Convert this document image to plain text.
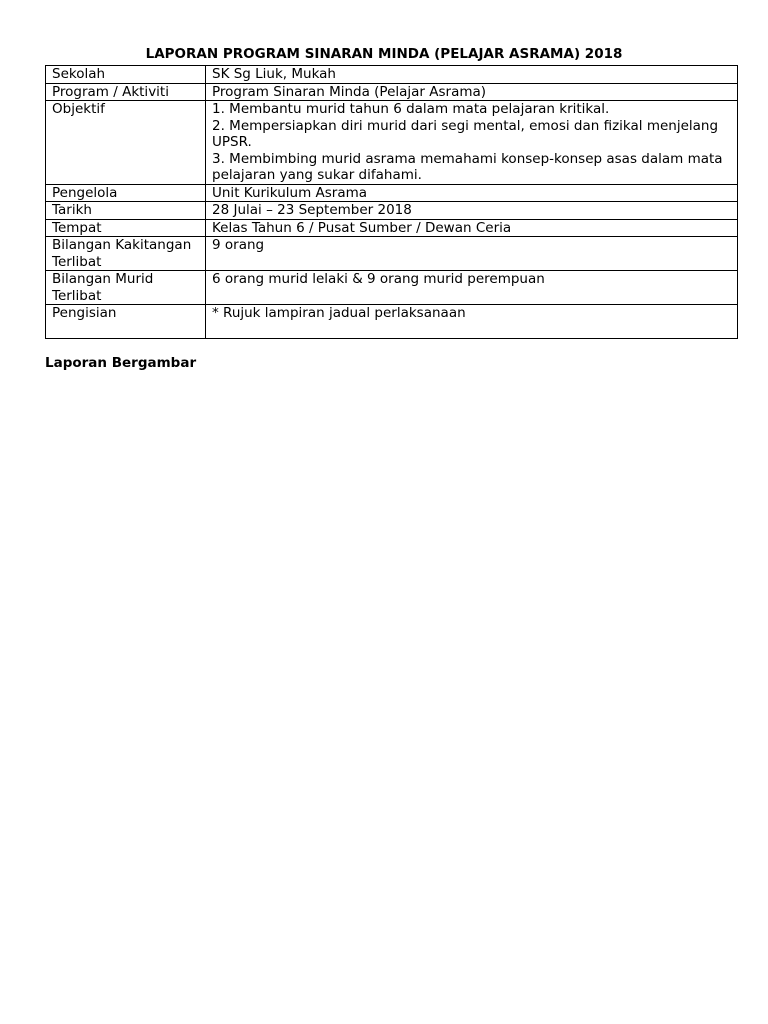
LAPORAN PROGRAM SINARAN MINDA (PELAJAR ASRAMA) 2018
Sekolah	SK Sg Liuk, Mukah
Program / Aktiviti	Program Sinaran Minda (Pelajar Asrama)
Objektif	1. Membantu murid tahun 6 dalam mata pelajaran kritikal.
2. Mempersiapkan diri murid dari segi mental, emosi dan fizikal menjelang UPSR.
3. Membimbing murid asrama memahami konsep-konsep asas dalam mata pelajaran yang sukar difahami.

Pengelola	Unit Kurikulum Asrama
Tarikh	28 Julai – 23 September 2018
Tempat	Kelas Tahun 6 / Pusat Sumber / Dewan Ceria
Bilangan Kakitangan Terlibat	9 orang
Bilangan Murid Terlibat	6 orang murid lelaki & 9 orang murid perempuan
Pengisian	* Rujuk lampiran jadual perlaksanaan
Laporan Bergambar
